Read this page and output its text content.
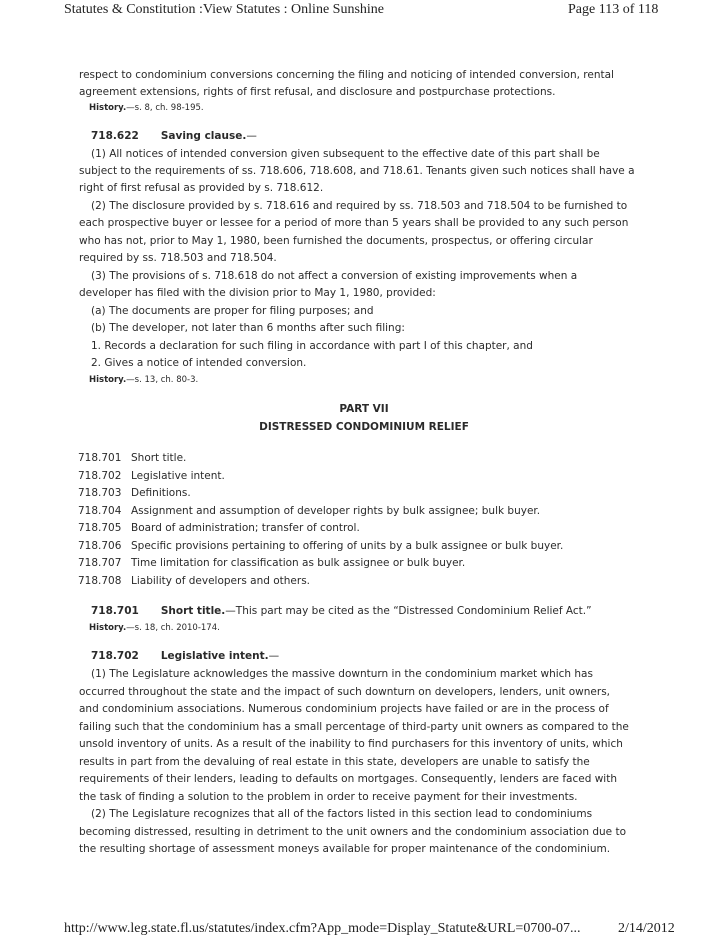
Statutes & Constitution :View Statutes : Online Sunshine	Page 113 of 118
respect to condominium conversions concerning the filing and noticing of intended conversion, rental
agreement extensions, rights of first refusal, and disclosure and postpurchase protections.
History.—s. 8, ch. 98-195.
718.622 Saving clause.—
(1) All notices of intended conversion given subsequent to the effective date of this part shall be
subject to the requirements of ss. 718.606, 718.608, and 718.61. Tenants given such notices shall have a
right of first refusal as provided by s. 718.612.
(2) The disclosure provided by s. 718.616 and required by ss. 718.503 and 718.504 to be furnished to
each prospective buyer or lessee for a period of more than 5 years shall be provided to any such person
who has not, prior to May 1, 1980, been furnished the documents, prospectus, or offering circular
required by ss. 718.503 and 718.504.
(3) The provisions of s. 718.618 do not affect a conversion of existing improvements when a
developer has filed with the division prior to May 1, 1980, provided:
(a) The documents are proper for filing purposes; and
(b) The developer, not later than 6 months after such filing:
1. Records a declaration for such filing in accordance with part I of this chapter, and
2. Gives a notice of intended conversion.
History.—s. 13, ch. 80-3.
PART VII
DISTRESSED CONDOMINIUM RELIEF
718.701 Short title.
718.702 Legislative intent.
718.703 Definitions.
718.704 Assignment and assumption of developer rights by bulk assignee; bulk buyer.
718.705 Board of administration; transfer of control.
718.706 Specific provisions pertaining to offering of units by a bulk assignee or bulk buyer.
718.707 Time limitation for classification as bulk assignee or bulk buyer.
718.708 Liability of developers and others.
718.701 Short title.—This part may be cited as the “Distressed Condominium Relief Act.”
History.—s. 18, ch. 2010-174.
718.702 Legislative intent.—
(1) The Legislature acknowledges the massive downturn in the condominium market which has
occurred throughout the state and the impact of such downturn on developers, lenders, unit owners,
and condominium associations. Numerous condominium projects have failed or are in the process of
failing such that the condominium has a small percentage of third-party unit owners as compared to the
unsold inventory of units. As a result of the inability to find purchasers for this inventory of units, which
results in part from the devaluing of real estate in this state, developers are unable to satisfy the
requirements of their lenders, leading to defaults on mortgages. Consequently, lenders are faced with
the task of finding a solution to the problem in order to receive payment for their investments.
(2) The Legislature recognizes that all of the factors listed in this section lead to condominiums
becoming distressed, resulting in detriment to the unit owners and the condominium association due to
the resulting shortage of assessment moneys available for proper maintenance of the condominium.
http://www.leg.state.fl.us/statutes/index.cfm?App_mode=Display_Statute&URL=0700-07...	2/14/2012
